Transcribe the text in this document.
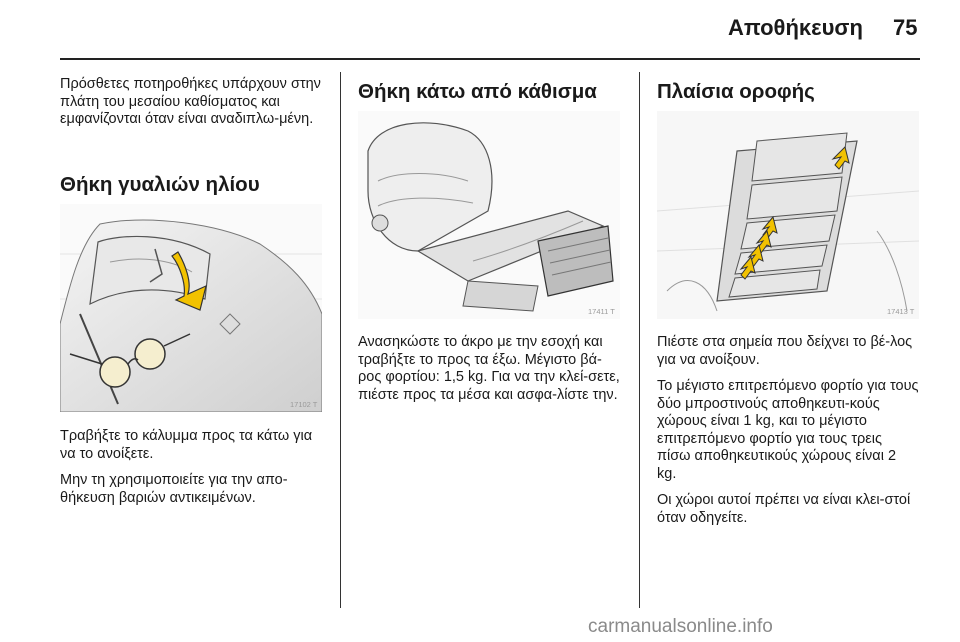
Αποθήκευση 75

Πρόσθετες ποτηροθήκες υπάρχουν στην πλάτη του μεσαίου καθίσματος και εμφανίζονται όταν είναι αναδιπλω-μένη.

Θήκη γυαλιών ηλίου
17102 T

Τραβήξτε το κάλυμμα προς τα κάτω για να το ανοίξετε.

Μην τη χρησιμοποιείτε για την απο-θήκευση βαριών αντικειμένων.

Θήκη κάτω από κάθισμα
17411 T

Ανασηκώστε το άκρο με την εσοχή και τραβήξτε το προς τα έξω. Μέγιστο βά-ρος φορτίου: 1,5 kg. Για να την κλεί-σετε, πιέστε προς τα μέσα και ασφα-λίστε την.

Πλαίσια οροφής
17413 T

Πιέστε στα σημεία που δείχνει το βέ-λος για να ανοίξουν.

Το μέγιστο επιτρεπόμενο φορτίο για τους δύο μπροστινούς αποθηκευτι-κούς χώρους είναι 1 kg, και το μέγιστο επιτρεπόμενο φορτίο για τους τρεις πίσω αποθηκευτικούς χώρους είναι 2 kg.

Οι χώροι αυτοί πρέπει να είναι κλει-στοί όταν οδηγείτε.

carmanualsonline.info
